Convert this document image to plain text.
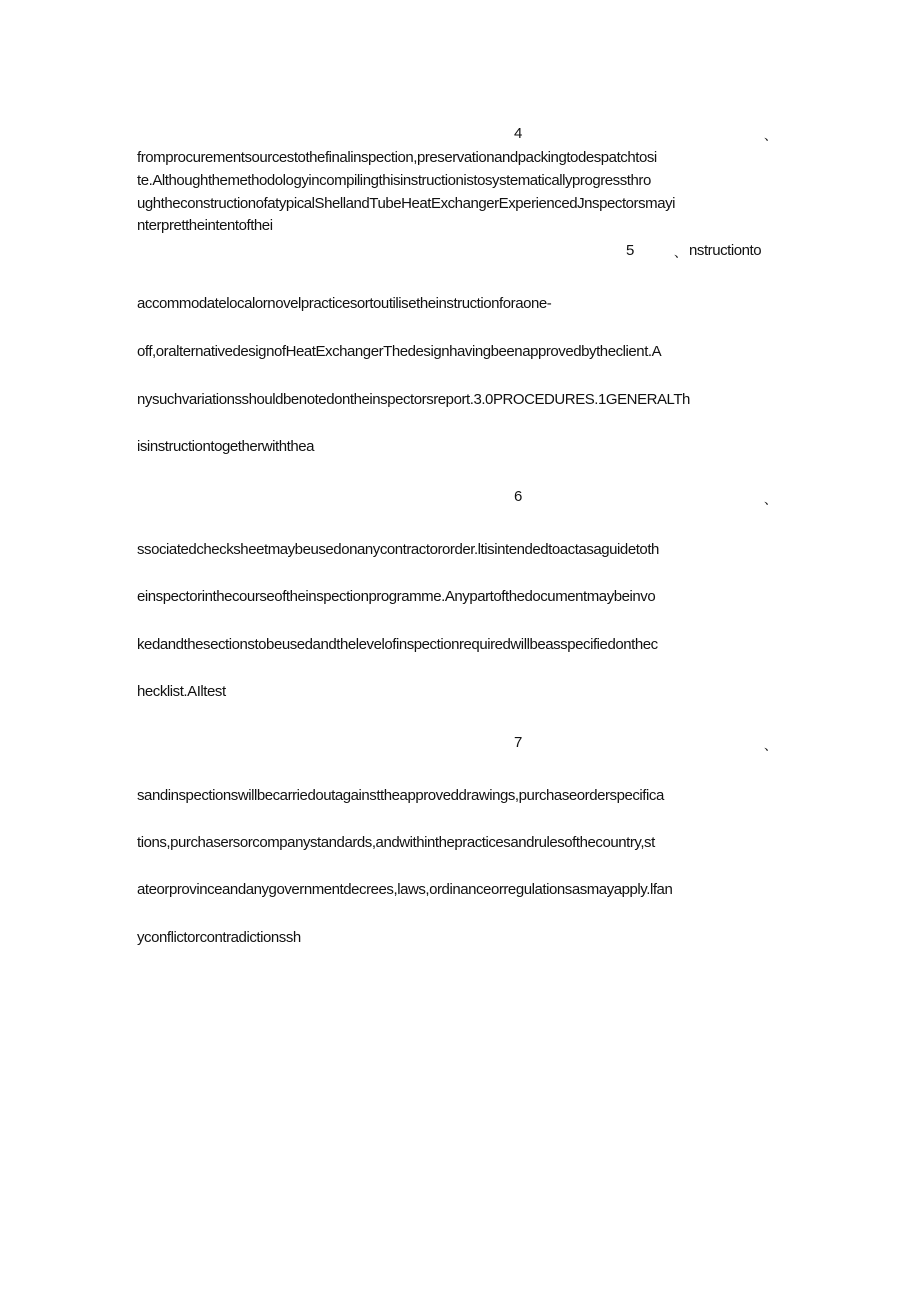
4	、
fromprocurementsourcestothefinalinspection,preservationandpackingtodespatchtosi
te.Althoughthemethodologyincompilingthisinstructionistosystematicallyprogressthro
ughtheconstructionofatypicalShellandTubeHeatExchangerExperiencedJnspectorsmayi
nterprettheintentofthei
5	、 nstructionto
accommodatelocalornovelpracticesortoutilisetheinstructionforaone-
off,oralternativedesignofHeatExchangerThedesignhavingbeenapprovedbytheclient.A
nysuchvariationsshouldbenotedontheinspectorsreport.3.0PROCEDURES.1GENERALTh
isinstructiontogetherwiththea
6	、
ssociatedchecksheetmaybeusedonanycontractororder.ltisintendedtoactasaguidetoth
einspectorinthecourseoftheinspectionprogramme.Anypartofthedocumentmaybeinvo
kedandthesectionstobeusedandthelevelofinspectionrequiredwillbeasspecifiedonthec
hecklist.AIltest
7	、
sandinspectionswillbecarriedoutagainsttheapproveddrawings,purchaseorderspecifica
tions,purchasersorcompanystandards,andwithinthepracticesandrulesofthecountry,st
ateorprovinceandanygovernmentdecrees,laws,ordinanceorregulationsasmayapply.lfan
yconflictorcontradictionssh
